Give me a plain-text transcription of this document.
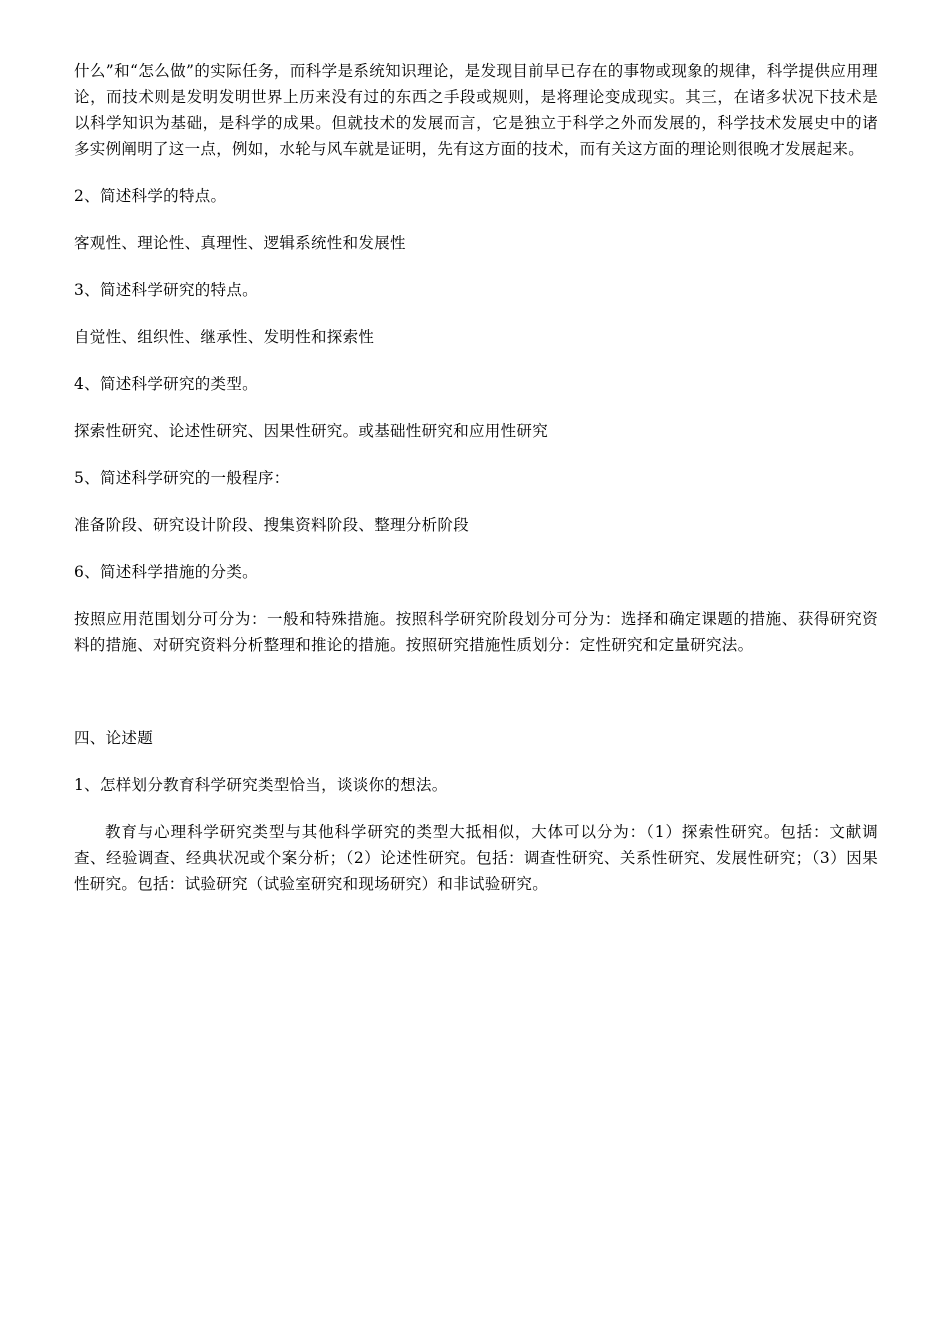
什么”和“怎么做”的实际任务，而科学是系统知识理论，是发现目前早已存在的事物或现象的规律，科学提供应用理论，而技术则是发明发明世界上历来没有过的东西之手段或规则，是将理论变成现实。其三，在诸多状况下技术是以科学知识为基础，是科学的成果。但就技术的发展而言，它是独立于科学之外而发展的，科学技术发展史中的诸多实例阐明了这一点，例如，水轮与风车就是证明，先有这方面的技术，而有关这方面的理论则很晚才发展起来。

2、简述科学的特点。

客观性、理论性、真理性、逻辑系统性和发展性

3、简述科学研究的特点。

自觉性、组织性、继承性、发明性和探索性

4、简述科学研究的类型。

探索性研究、论述性研究、因果性研究。或基础性研究和应用性研究

5、简述科学研究的一般程序：

准备阶段、研究设计阶段、搜集资料阶段、整理分析阶段

6、简述科学措施的分类。

按照应用范围划分可分为：一般和特殊措施。按照科学研究阶段划分可分为：选择和确定课题的措施、获得研究资料的措施、对研究资料分析整理和推论的措施。按照研究措施性质划分：定性研究和定量研究法。

四、论述题

1、怎样划分教育科学研究类型恰当，谈谈你的想法。

教育与心理科学研究类型与其他科学研究的类型大抵相似，大体可以分为：（1）探索性研究。包括：文献调查、经验调查、经典状况或个案分析；（2）论述性研究。包括：调查性研究、关系性研究、发展性研究；（3）因果性研究。包括：试验研究（试验室研究和现场研究）和非试验研究。
